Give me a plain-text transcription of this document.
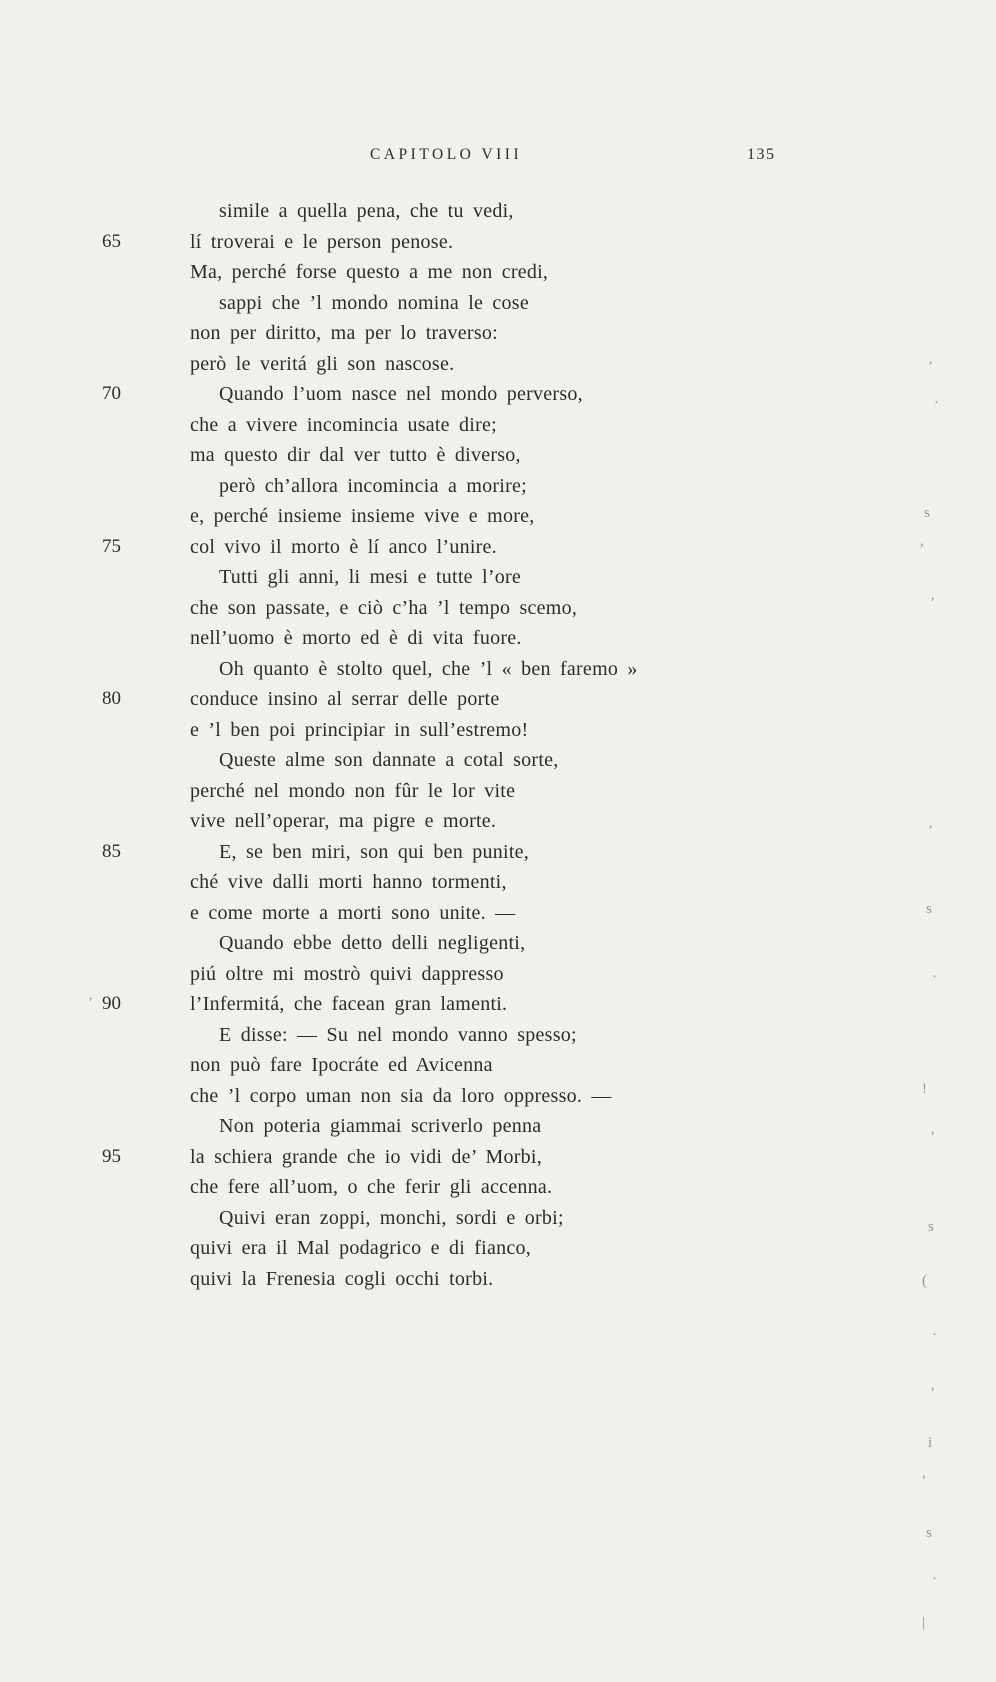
CAPITOLO VIII	135
simile a quella pena, che tu vedi,
65	lí troverai e le person penose.
Ma, perché forse questo a me non credi,
sappi che ’l mondo nomina le cose
non per diritto, ma per lo traverso:
però le veritá gli son nascose.
70	Quando l’uom nasce nel mondo perverso,
che a vivere incomincia usate dire;
ma questo dir dal ver tutto è diverso,
però ch’allora incomincia a morire;
e, perché insieme insieme vive e more,
75	col vivo il morto è lí anco l’unire.
Tutti gli anni, li mesi e tutte l’ore
che son passate, e ciò c’ha ’l tempo scemo,
nell’uomo è morto ed è di vita fuore.
Oh quanto è stolto quel, che ’l « ben faremo »
80	conduce insino al serrar delle porte
e ’l ben poi principiar in sull’estremo!
Queste alme son dannate a cotal sorte,
perché nel mondo non fûr le lor vite
vive nell’operar, ma pigre e morte.
85	E, se ben miri, son qui ben punite,
ché vive dalli morti hanno tormenti,
e come morte a morti sono unite. —
Quando ebbe detto delli negligenti,
piú oltre mi mostrò quivi dappresso
90	l’Infermitá, che facean gran lamenti.
E disse: — Su nel mondo vanno spesso;
non può fare Ipocráte ed Avicenna
che ’l corpo uman non sia da loro oppresso. —
Non poteria giammai scriverlo penna
95	la schiera grande che io vidi de’ Morbi,
che fere all’uom, o che ferir gli accenna.
Quivi eran zoppi, monchi, sordi e orbi;
quivi era il Mal podagrico e di fianco,
quivi la Frenesia cogli occhi torbi.
’
·
s
,
’
’
s
·
’
!
’
s
(
·
’
i
,
s
·
|
